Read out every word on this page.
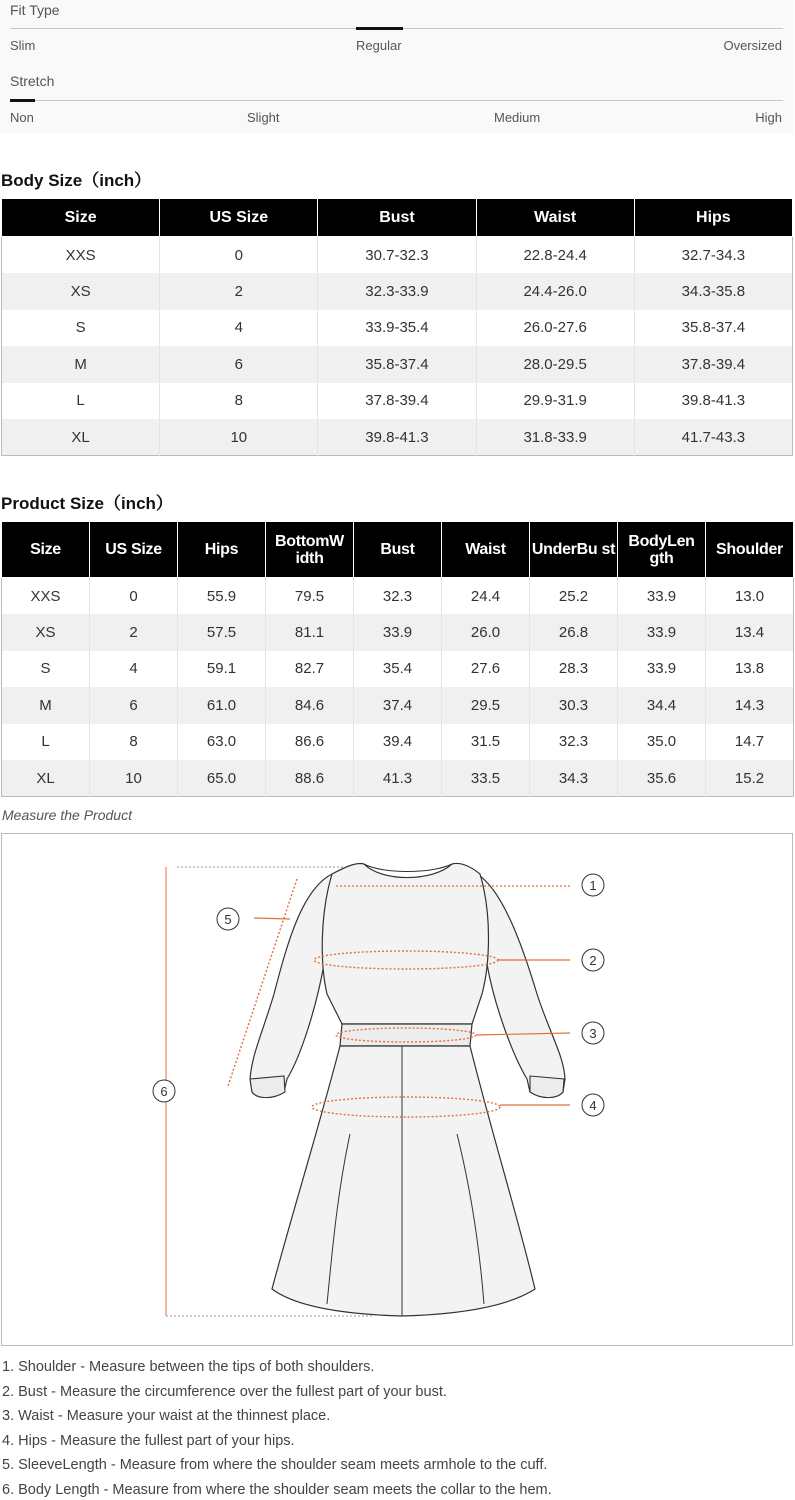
Fit Type
Slim	Regular	Oversized
Stretch
Non	Slight	Medium	High
Body Size（inch）
Size	US Size	Bust	Waist	Hips
XXS	0	30.7-32.3	22.8-24.4	32.7-34.3
XS	2	32.3-33.9	24.4-26.0	34.3-35.8
S	4	33.9-35.4	26.0-27.6	35.8-37.4
M	6	35.8-37.4	28.0-29.5	37.8-39.4
L	8	37.8-39.4	29.9-31.9	39.8-41.3
XL	10	39.8-41.3	31.8-33.9	41.7-43.3
Product Size（inch）
Size	US Size	Hips	BottomW idth	Bust	Waist	UnderBu st	BodyLen gth	Shoulder
XXS	0	55.9	79.5	32.3	24.4	25.2	33.9	13.0
XS	2	57.5	81.1	33.9	26.0	26.8	33.9	13.4
S	4	59.1	82.7	35.4	27.6	28.3	33.9	13.8
M	6	61.0	84.6	37.4	29.5	30.3	34.4	14.3
L	8	63.0	86.6	39.4	31.5	32.3	35.0	14.7
XL	10	65.0	88.6	41.3	33.5	34.3	35.6	15.2
Measure the Product
1
2
3
4
5
6
1. Shoulder - Measure between the tips of both shoulders.
2. Bust - Measure the circumference over the fullest part of your bust.
3. Waist - Measure your waist at the thinnest place.
4. Hips - Measure the fullest part of your hips.
5. SleeveLength - Measure from where the shoulder seam meets armhole to the cuff.
6. Body Length - Measure from where the shoulder seam meets the collar to the hem.
